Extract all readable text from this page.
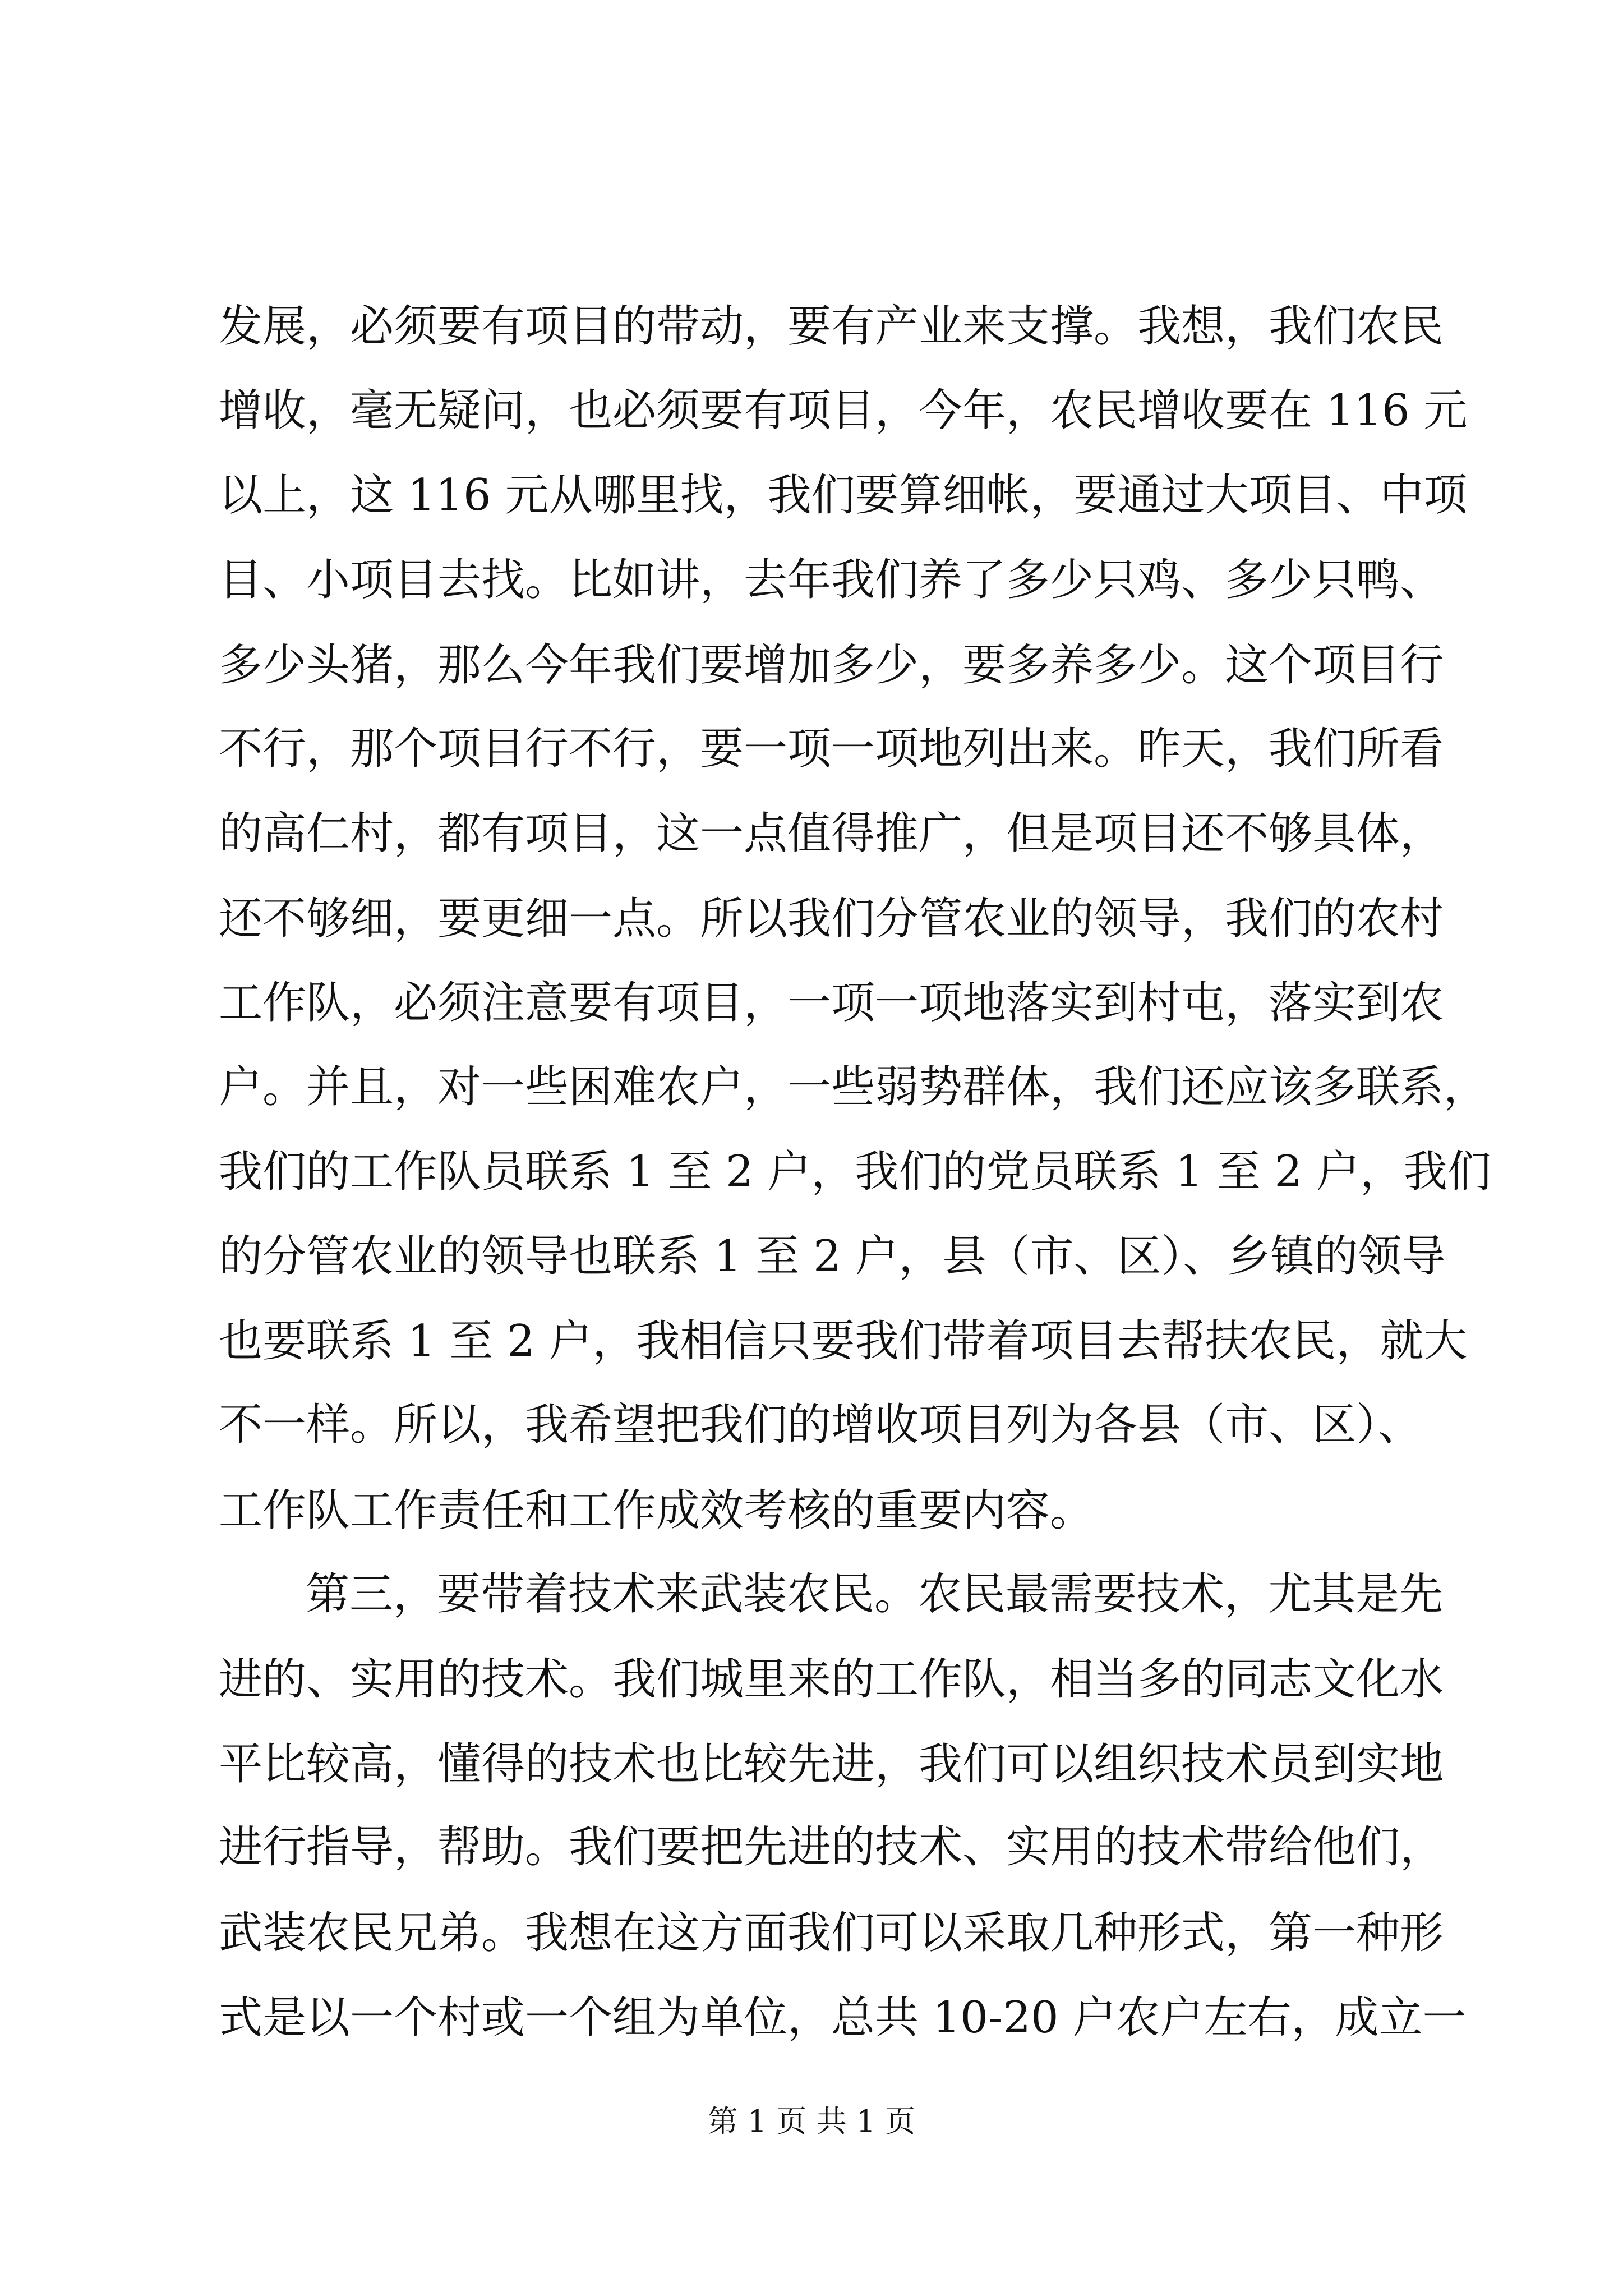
发展，必须要有项目的带动，要有产业来支撑。我想，我们农民
增收，毫无疑问，也必须要有项目，今年，农民增收要在 116 元
以上，这 116 元从哪里找，我们要算细帐，要通过大项目、中项
目、小项目去找。比如讲，去年我们养了多少只鸡、多少只鸭、
多少头猪，那么今年我们要增加多少，要多养多少。这个项目行
不行，那个项目行不行，要一项一项地列出来。昨天，我们所看
的高仁村，都有项目，这一点值得推广，但是项目还不够具体，
还不够细，要更细一点。所以我们分管农业的领导，我们的农村
工作队，必须注意要有项目，一项一项地落实到村屯，落实到农
户。并且，对一些困难农户，一些弱势群体，我们还应该多联系，
我们的工作队员联系 1 至 2 户，我们的党员联系 1 至 2 户，我们
的分管农业的领导也联系 1 至 2 户，县（市、区）、乡镇的领导
也要联系 1 至 2 户，我相信只要我们带着项目去帮扶农民，就大
不一样。所以，我希望把我们的增收项目列为各县（市、区）、
工作队工作责任和工作成效考核的重要内容。
第三，要带着技术来武装农民。农民最需要技术，尤其是先
进的、实用的技术。我们城里来的工作队，相当多的同志文化水
平比较高，懂得的技术也比较先进，我们可以组织技术员到实地
进行指导，帮助。我们要把先进的技术、实用的技术带给他们，
武装农民兄弟。我想在这方面我们可以采取几种形式，第一种形
式是以一个村或一个组为单位，总共 10-20 户农户左右，成立一
第 1 页 共 1 页
